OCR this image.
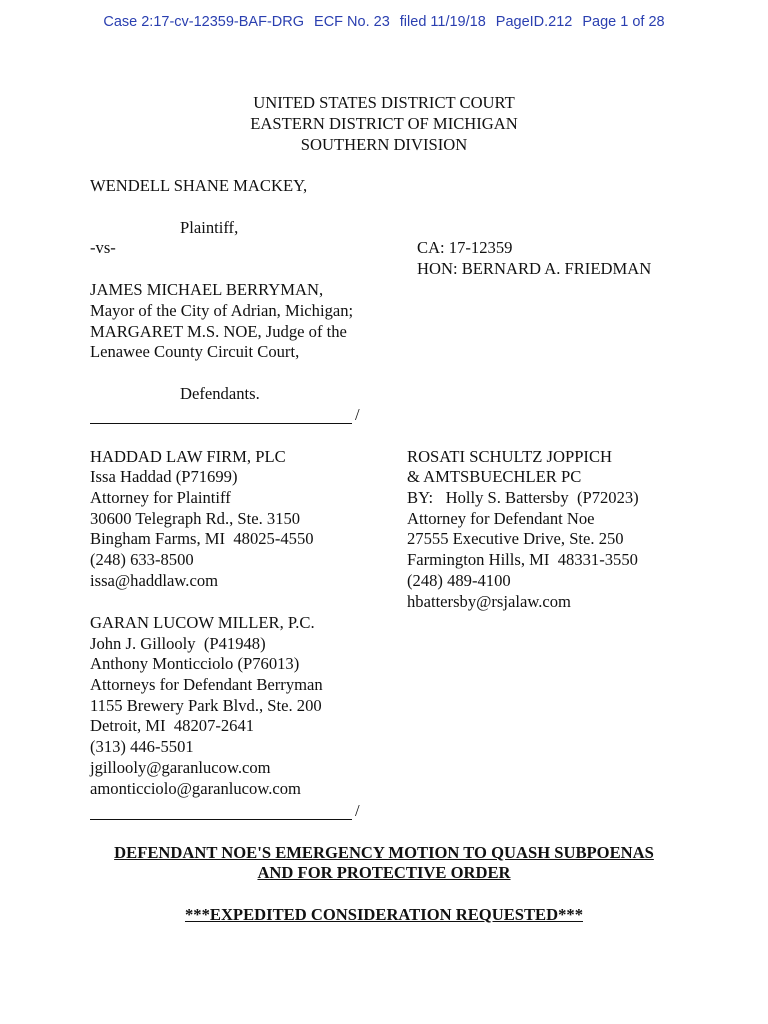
Case 2:17-cv-12359-BAF-DRG ECF No. 23 filed 11/19/18 PageID.212 Page 1 of 28
UNITED STATES DISTRICT COURT
EASTERN DISTRICT OF MICHIGAN
SOUTHERN DIVISION
WENDELL SHANE MACKEY,
Plaintiff,
-vs-	CA: 17-12359
HON: BERNARD A. FRIEDMAN
JAMES MICHAEL BERRYMAN,
Mayor of the City of Adrian, Michigan;
MARGARET M.S. NOE, Judge of the
Lenawee County Circuit Court,
Defendants.
/
HADDAD LAW FIRM, PLC
Issa Haddad (P71699)
Attorney for Plaintiff
30600 Telegraph Rd., Ste. 3150
Bingham Farms, MI  48025-4550
(248) 633-8500
issa@haddlaw.com
ROSATI SCHULTZ JOPPICH
& AMTSBUECHLER PC
BY:   Holly S. Battersby  (P72023)
Attorney for Defendant Noe
27555 Executive Drive, Ste. 250
Farmington Hills, MI  48331-3550
(248) 489-4100
hbattersby@rsjalaw.com
GARAN LUCOW MILLER, P.C.
John J. Gillooly  (P41948)
Anthony Monticciolo (P76013)
Attorneys for Defendant Berryman
1155 Brewery Park Blvd., Ste. 200
Detroit, MI  48207-2641
(313) 446-5501
jgillooly@garanlucow.com
amonticciolo@garanlucow.com
/
DEFENDANT NOE'S EMERGENCY MOTION TO QUASH SUBPOENAS
AND FOR PROTECTIVE ORDER
***EXPEDITED CONSIDERATION REQUESTED***
